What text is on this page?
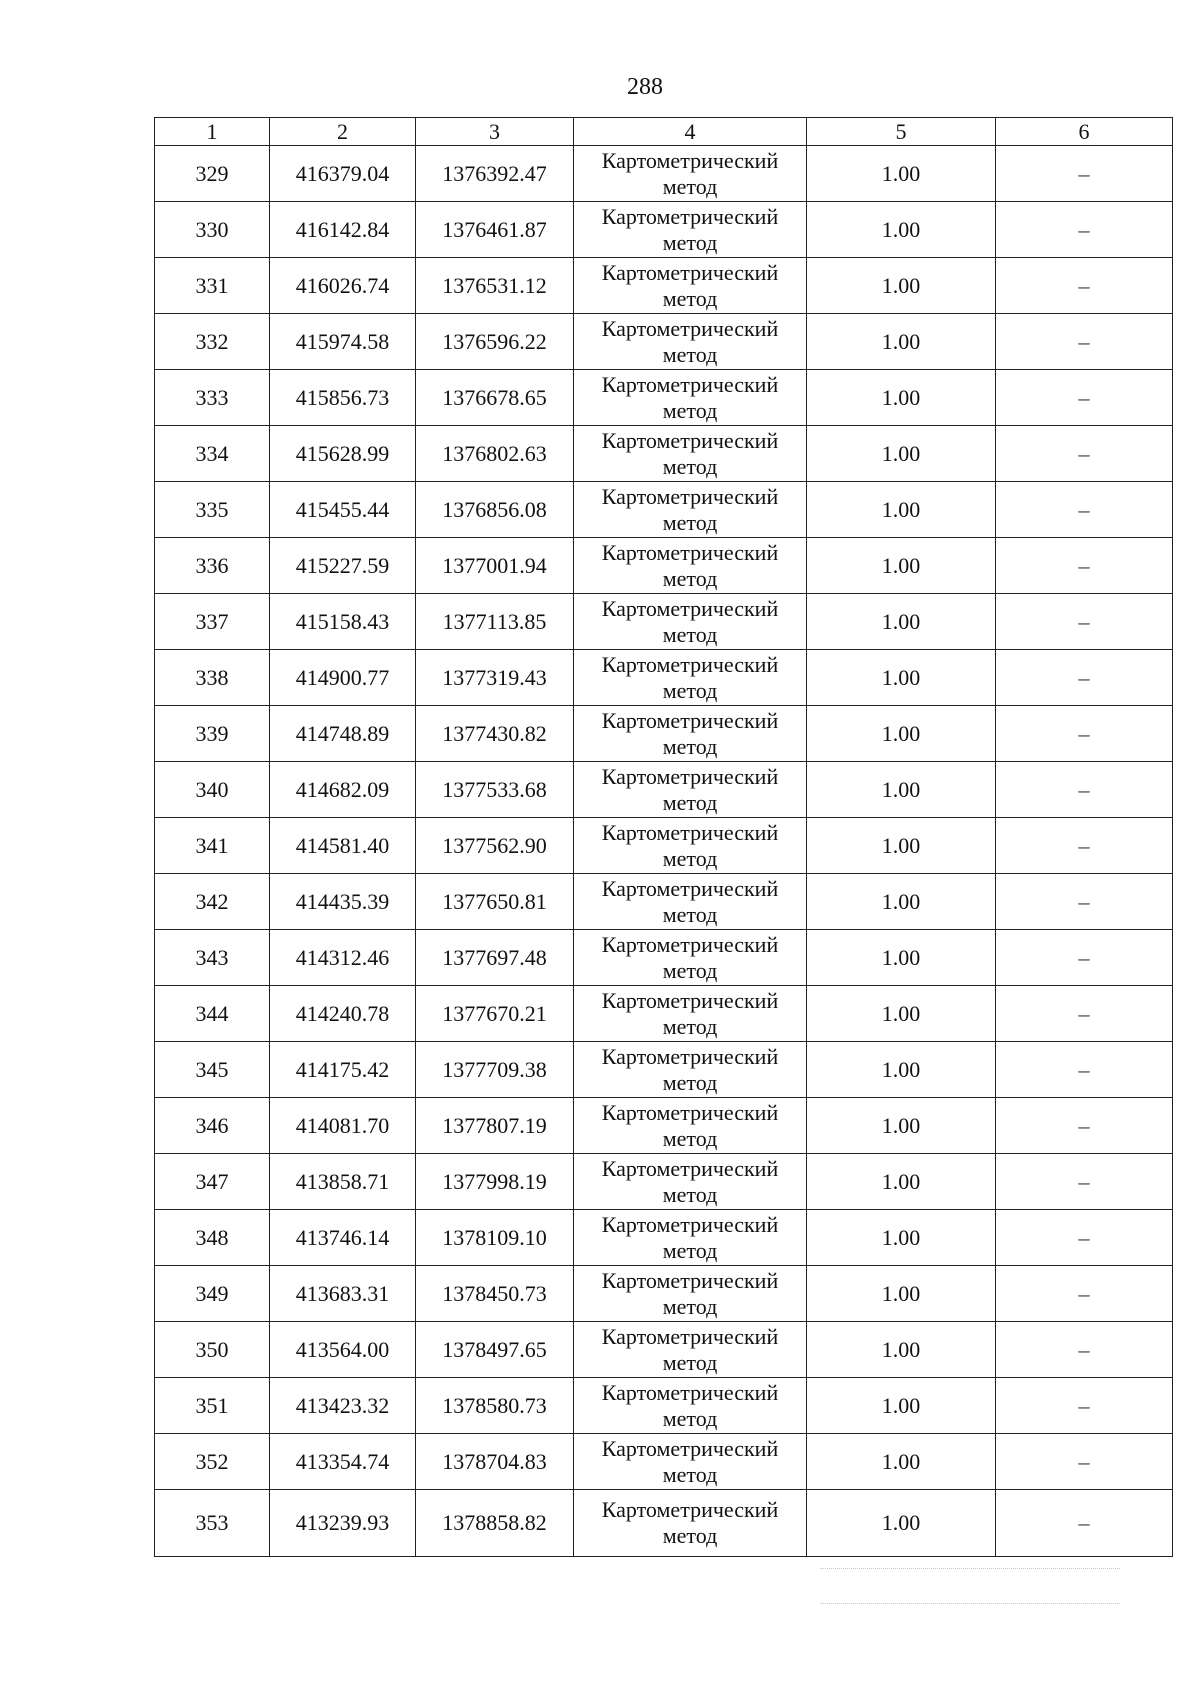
288
1	2	3	4	5	6
329	416379.04	1376392.47	Картометрический метод	1.00	–
330	416142.84	1376461.87	Картометрический метод	1.00	–
331	416026.74	1376531.12	Картометрический метод	1.00	–
332	415974.58	1376596.22	Картометрический метод	1.00	–
333	415856.73	1376678.65	Картометрический метод	1.00	–
334	415628.99	1376802.63	Картометрический метод	1.00	–
335	415455.44	1376856.08	Картометрический метод	1.00	–
336	415227.59	1377001.94	Картометрический метод	1.00	–
337	415158.43	1377113.85	Картометрический метод	1.00	–
338	414900.77	1377319.43	Картометрический метод	1.00	–
339	414748.89	1377430.82	Картометрический метод	1.00	–
340	414682.09	1377533.68	Картометрический метод	1.00	–
341	414581.40	1377562.90	Картометрический метод	1.00	–
342	414435.39	1377650.81	Картометрический метод	1.00	–
343	414312.46	1377697.48	Картометрический метод	1.00	–
344	414240.78	1377670.21	Картометрический метод	1.00	–
345	414175.42	1377709.38	Картометрический метод	1.00	–
346	414081.70	1377807.19	Картометрический метод	1.00	–
347	413858.71	1377998.19	Картометрический метод	1.00	–
348	413746.14	1378109.10	Картометрический метод	1.00	–
349	413683.31	1378450.73	Картометрический метод	1.00	–
350	413564.00	1378497.65	Картометрический метод	1.00	–
351	413423.32	1378580.73	Картометрический метод	1.00	–
352	413354.74	1378704.83	Картометрический метод	1.00	–
353	413239.93	1378858.82	Картометрический метод	1.00	–
